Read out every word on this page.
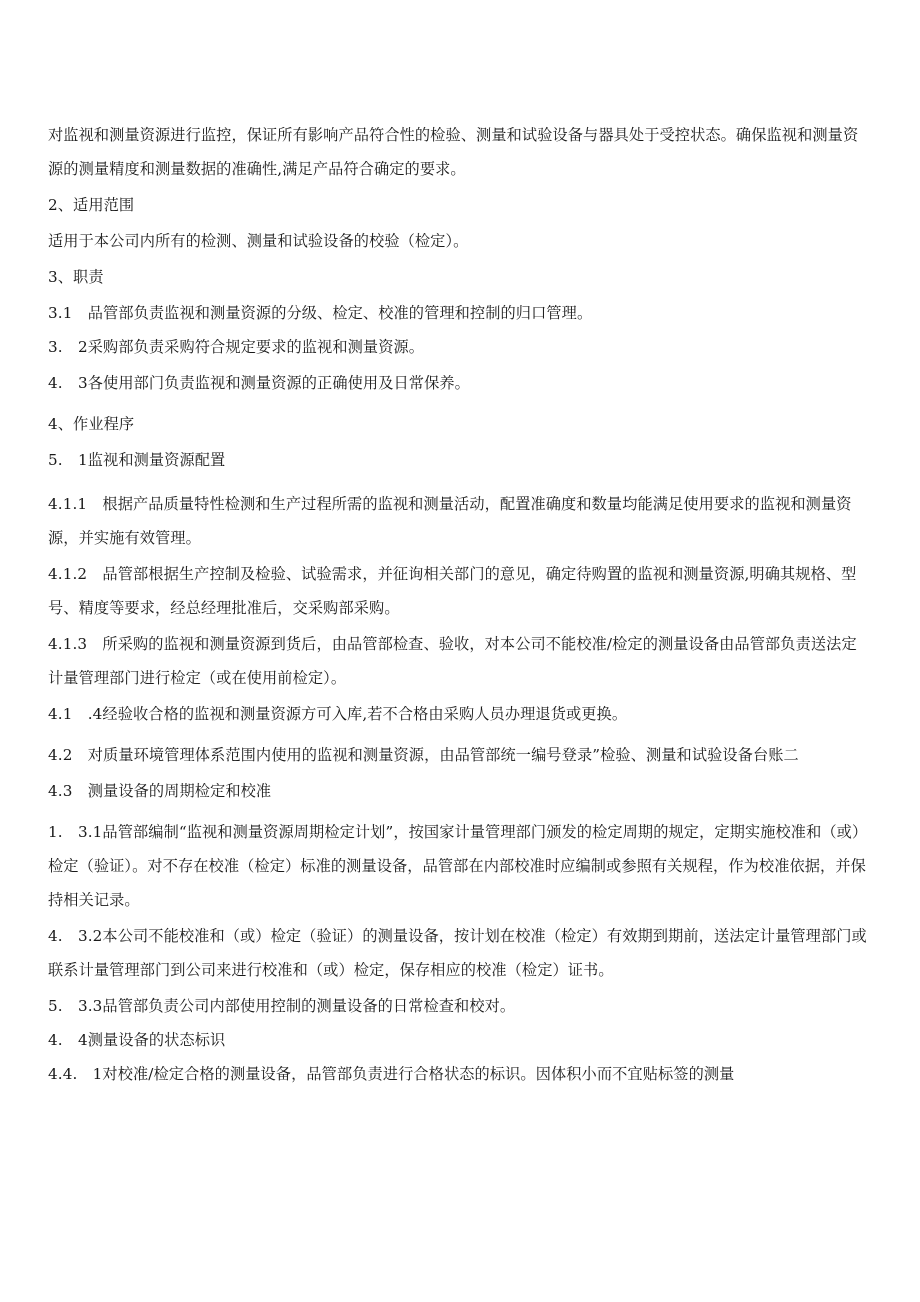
对监视和测量资源进行监控，保证所有影响产品符合性的检验、测量和试验设备与器具处于受控状态。确保监视和测量资源的测量精度和测量数据的准确性,满足产品符合确定的要求。

2、适用范围

适用于本公司内所有的检测、测量和试验设备的校验（检定）。

3、职责

3.1　品管部负责监视和测量资源的分级、检定、校准的管理和控制的归口管理。

3.　2采购部负责采购符合规定要求的监视和测量资源。

4.　3各使用部门负责监视和测量资源的正确使用及日常保养。

4、作业程序

5.　1监视和测量资源配置

4.1.1　根据产品质量特性检测和生产过程所需的监视和测量活动，配置准确度和数量均能满足使用要求的监视和测量资源，并实施有效管理。

4.1.2　品管部根据生产控制及检验、试验需求，并征询相关部门的意见，确定待购置的监视和测量资源,明确其规格、型号、精度等要求，经总经理批准后，交采购部采购。

4.1.3　所采购的监视和测量资源到货后，由品管部检查、验收，对本公司不能校准/检定的测量设备由品管部负责送法定计量管理部门进行检定（或在使用前检定）。

4.1　.4经验收合格的监视和测量资源方可入库,若不合格由采购人员办理退货或更换。

4.2　对质量环境管理体系范围内使用的监视和测量资源，由品管部统一编号登录”检验、测量和试验设备台账二

4.3　测量设备的周期检定和校准

1.　3.1品管部编制“监视和测量资源周期检定计划”，按国家计量管理部门颁发的检定周期的规定，定期实施校准和（或）检定（验证）。对不存在校准（检定）标准的测量设备，品管部在内部校准时应编制或参照有关规程，作为校准依据，并保持相关记录。

4.　3.2本公司不能校准和（或）检定（验证）的测量设备，按计划在校准（检定）有效期到期前，送法定计量管理部门或联系计量管理部门到公司来进行校准和（或）检定，保存相应的校准（检定）证书。

5.　3.3品管部负责公司内部使用控制的测量设备的日常检查和校对。

4.　4测量设备的状态标识

4.4.　1对校准/检定合格的测量设备，品管部负责进行合格状态的标识。因体积小而不宜贴标签的测量
